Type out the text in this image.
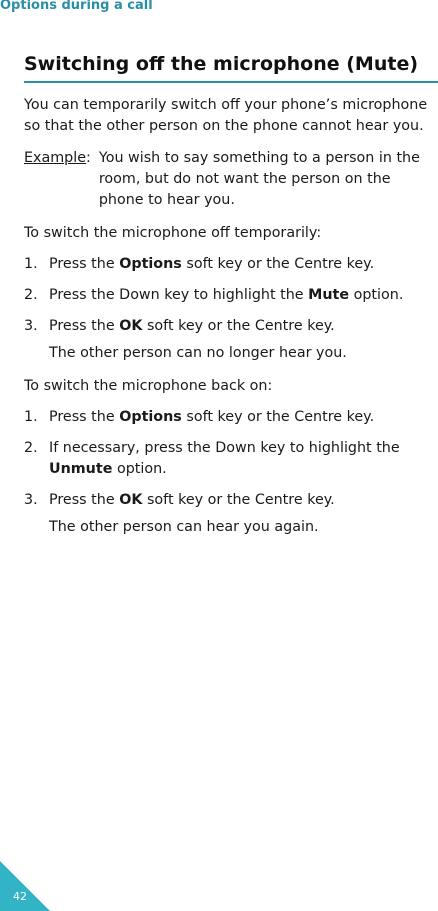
Options during a call
Switching off the microphone (Mute)

You can temporarily switch off your phone’s microphone so that the other person on the phone cannot hear you.

Example : You wish to say something to a person in the room, but do not want the person on the phone to hear you.

To switch the microphone off temporarily:

1. Press the Options soft key or the Centre key.
2. Press the Down key to highlight the Mute option.
3. Press the OK soft key or the Centre key.

The other person can no longer hear you.

To switch the microphone back on:

1. Press the Options soft key or the Centre key.
2. If necessary, press the Down key to highlight the Unmute option.
3. Press the OK soft key or the Centre key.

The other person can hear you again.

42
